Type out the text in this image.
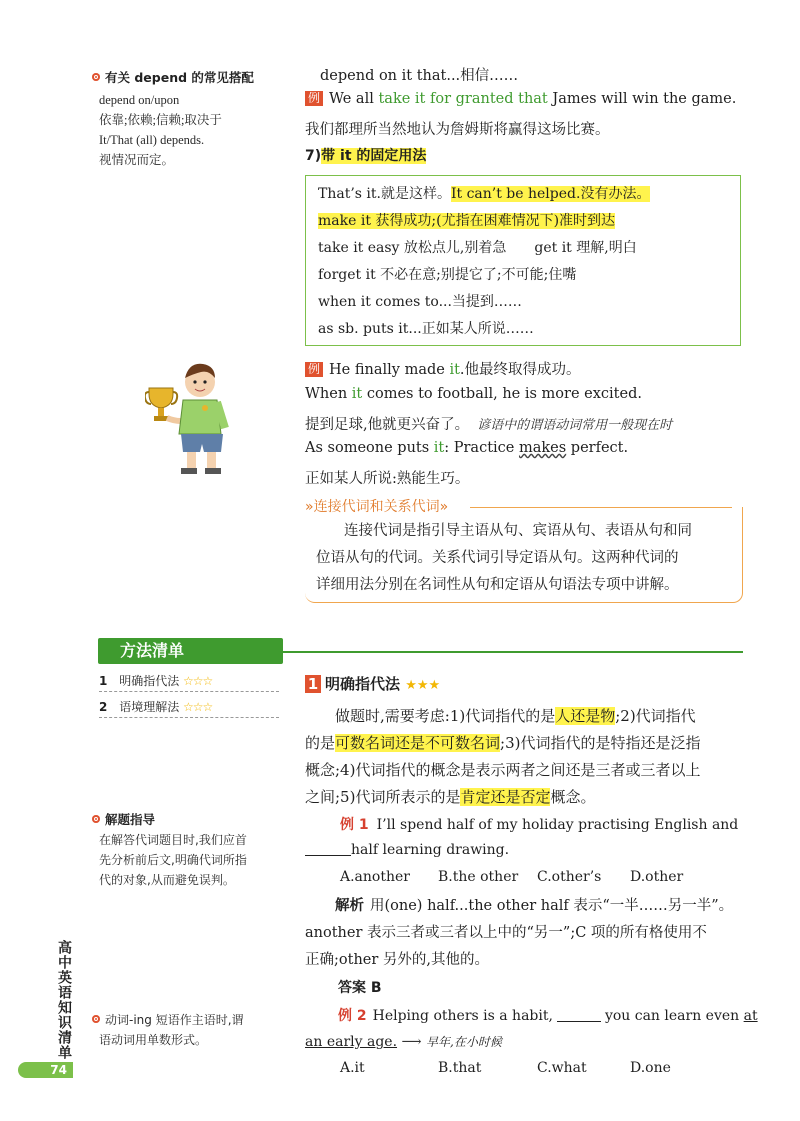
有关 depend 的常见搭配
depend on/upon
依靠;依赖;信赖;取决于
It/That (all) depends.
视情况而定。
方法清单
1 明确指代法 ☆☆☆
2 语境理解法 ☆☆☆
解题指导
在解答代词题目时,我们应首
先分析前后文,明确代词所指
代的对象,从而避免误判。
动词-ing 短语作主语时,谓
语动词用单数形式。
高中英语知识清单
74
depend on it that...相信……
例 We all take it for granted that James will win the game.
我们都理所当然地认为詹姆斯将赢得这场比赛。
7)带 it 的固定用法
That’s it.就是这样。It can’t be helped.没有办法。
make it 获得成功;(尤指在困难情况下)准时到达
take it easy 放松点儿,别着急 get it 理解,明白
forget it 不必在意;别提它了;不可能;住嘴
when it comes to...当提到……
as sb. puts it...正如某人所说……
例 He finally made it.他最终取得成功。
When it comes to football, he is more excited.
提到足球,他就更兴奋了。 谚语中的谓语动词常用一般现在时
As someone puts it: Practice makes perfect.
正如某人所说:熟能生巧。
»连接代词和关系代词»
连接代词是指引导主语从句、宾语从句、表语从句和同
位语从句的代词。关系代词引导定语从句。这两种代词的
详细用法分别在名词性从句和定语从句语法专项中讲解。
1 明确指代法 ★★★
做题时,需要考虑:1)代词指代的是人还是物;2)代词指代
的是可数名词还是不可数名词;3)代词指代的是特指还是泛指
概念;4)代词指代的概念是表示两者之间还是三者或三者以上
之间;5)代词所表示的是肯定还是否定概念。
例 1 I’ll spend half of my holiday practising English and
half learning drawing.
A.another B.the other C.other’s D.other
解析 用(one) half...the other half 表示“一半……另一半”。
another 表示三者或三者以上中的“另一”;C 项的所有格使用不
正确;other 另外的,其他的。
答案 B
例 2 Helping others is a habit,	you can learn even at
an early age. ⟶ 早年,在小时候
A.it	B.that	C.what	D.one
